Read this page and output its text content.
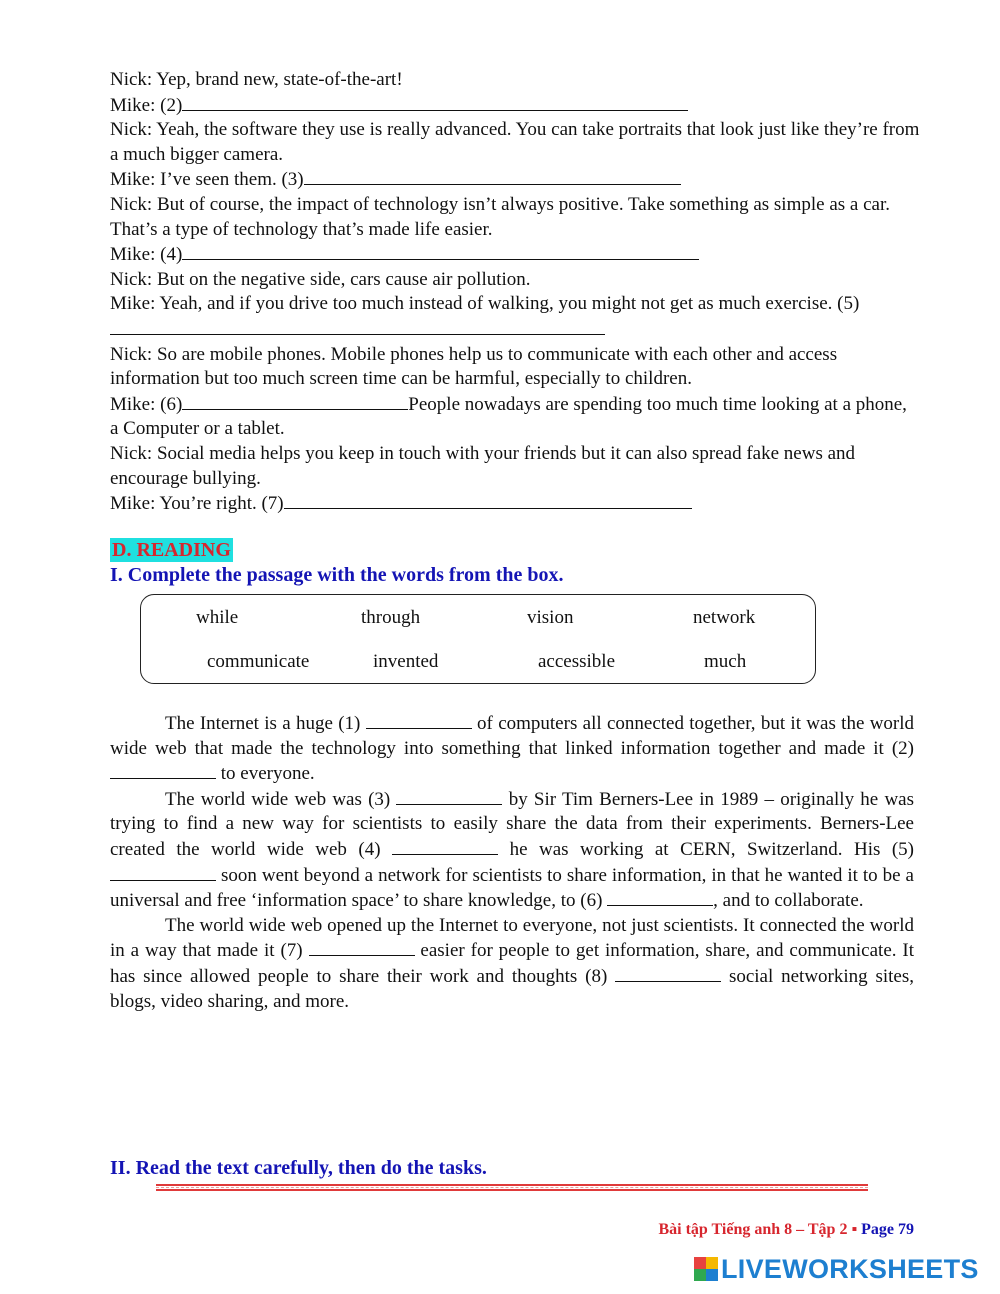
Nick: Yep, brand new, state-of-the-art!

Mike: (2)

Nick: Yeah, the software they use is really advanced. You can take portraits that look just like they’re from a much bigger camera.

Mike: I’ve seen them. (3)

Nick: But of course, the impact of technology isn’t always positive. Take something as simple as a car. That’s a type of technology that’s made life easier.

Mike: (4)

Nick: But on the negative side, cars cause air pollution.

Mike: Yeah, and if you drive too much instead of walking, you might not get as much exercise. (5)

Nick: So are mobile phones. Mobile phones help us to communicate with each other and access information but too much screen time can be harmful, especially to children.

Mike: (6)	People nowadays are spending too much time looking at a phone, a Computer or a tablet.

Nick: Social media helps you keep in touch with your friends but it can also spread fake news and encourage bullying.

Mike: You’re right. (7)

D. READING
I. Complete the passage with the words from the box.
while	through	vision	network
communicate	invented	accessible	much

The Internet is a huge (1)	of computers all connected together, but it was the world wide web that made the technology into something that linked information together and made it (2)  to everyone.

The world wide web was (3)	by Sir Tim Berners-Lee in 1989 – originally he was trying to find a new way for scientists to easily share the data from their experiments. Berners-Lee created the world wide web (4)	he was working at CERN, Switzerland. His (5)  soon went beyond a network for scientists to share information, in that he wanted it to be a universal and free ‘information space’ to share knowledge, to (6)	, and to collaborate.

The world wide web opened up the Internet to everyone, not just scientists. It connected the world in a way that made it (7)	easier for people to get information, share, and communicate. It has since allowed people to share their work and thoughts (8)	social networking sites, blogs, video sharing, and more.

II. Read the text carefully, then do the tasks.
Bài tập Tiếng anh 8 – Tập 2 ▪ Page 79
LIVEWORKSHEETS
